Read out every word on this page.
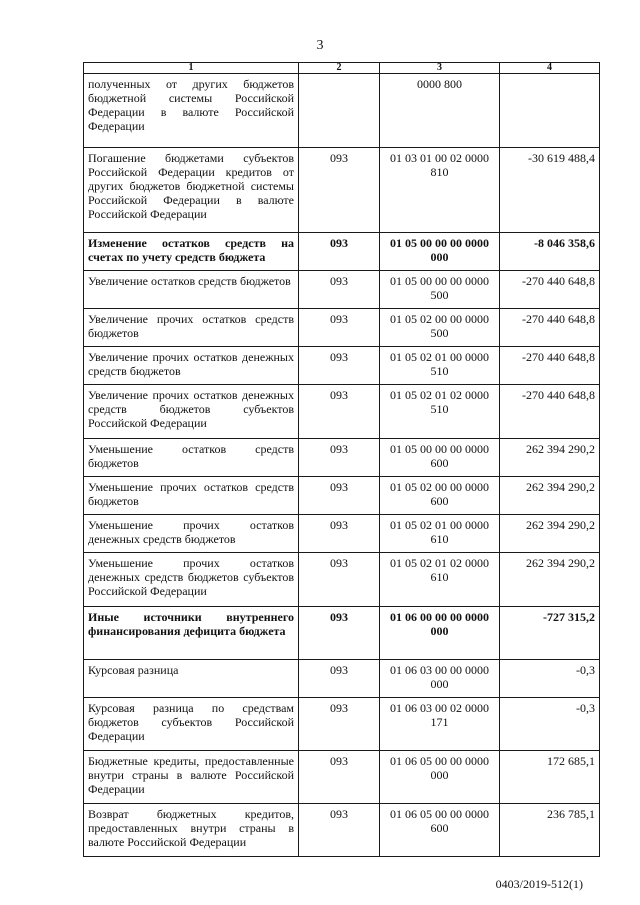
3
1	2	3	4
полученных от других бюджетов бюджетной системы Российской Федерации в валюте Российской Федерации		0000 800	
Погашение бюджетами субъектов Российской Федерации кредитов от других бюджетов бюджетной системы Российской Федерации в валюте Российской Федерации	093	01 03 01 00 02 0000 810	-30 619 488,4
Изменение остатков средств на счетах по учету средств бюджета	093	01 05 00 00 00 0000 000	-8 046 358,6
Увеличение остатков средств бюджетов	093	01 05 00 00 00 0000 500	-270 440 648,8
Увеличение прочих остатков средств бюджетов	093	01 05 02 00 00 0000 500	-270 440 648,8
Увеличение прочих остатков денежных средств бюджетов	093	01 05 02 01 00 0000 510	-270 440 648,8
Увеличение прочих остатков денежных средств бюджетов субъектов Российской Федерации	093	01 05 02 01 02 0000 510	-270 440 648,8
Уменьшение остатков средств бюджетов	093	01 05 00 00 00 0000 600	262 394 290,2
Уменьшение прочих остатков средств бюджетов	093	01 05 02 00 00 0000 600	262 394 290,2
Уменьшение прочих остатков денежных средств бюджетов	093	01 05 02 01 00 0000 610	262 394 290,2
Уменьшение прочих остатков денежных средств бюджетов субъектов Российской Федерации	093	01 05 02 01 02 0000 610	262 394 290,2
Иные источники внутреннего финансирования дефицита бюджета	093	01 06 00 00 00 0000 000	-727 315,2
Курсовая разница	093	01 06 03 00 00 0000 000	-0,3
Курсовая разница по средствам бюджетов субъектов Российской Федерации	093	01 06 03 00 02 0000 171	-0,3
Бюджетные кредиты, предоставленные внутри страны в валюте Российской Федерации	093	01 06 05 00 00 0000 000	172 685,1
Возврат бюджетных кредитов, предоставленных внутри страны в валюте Российской Федерации	093	01 06 05 00 00 0000 600	236 785,1
0403/2019-512(1)
